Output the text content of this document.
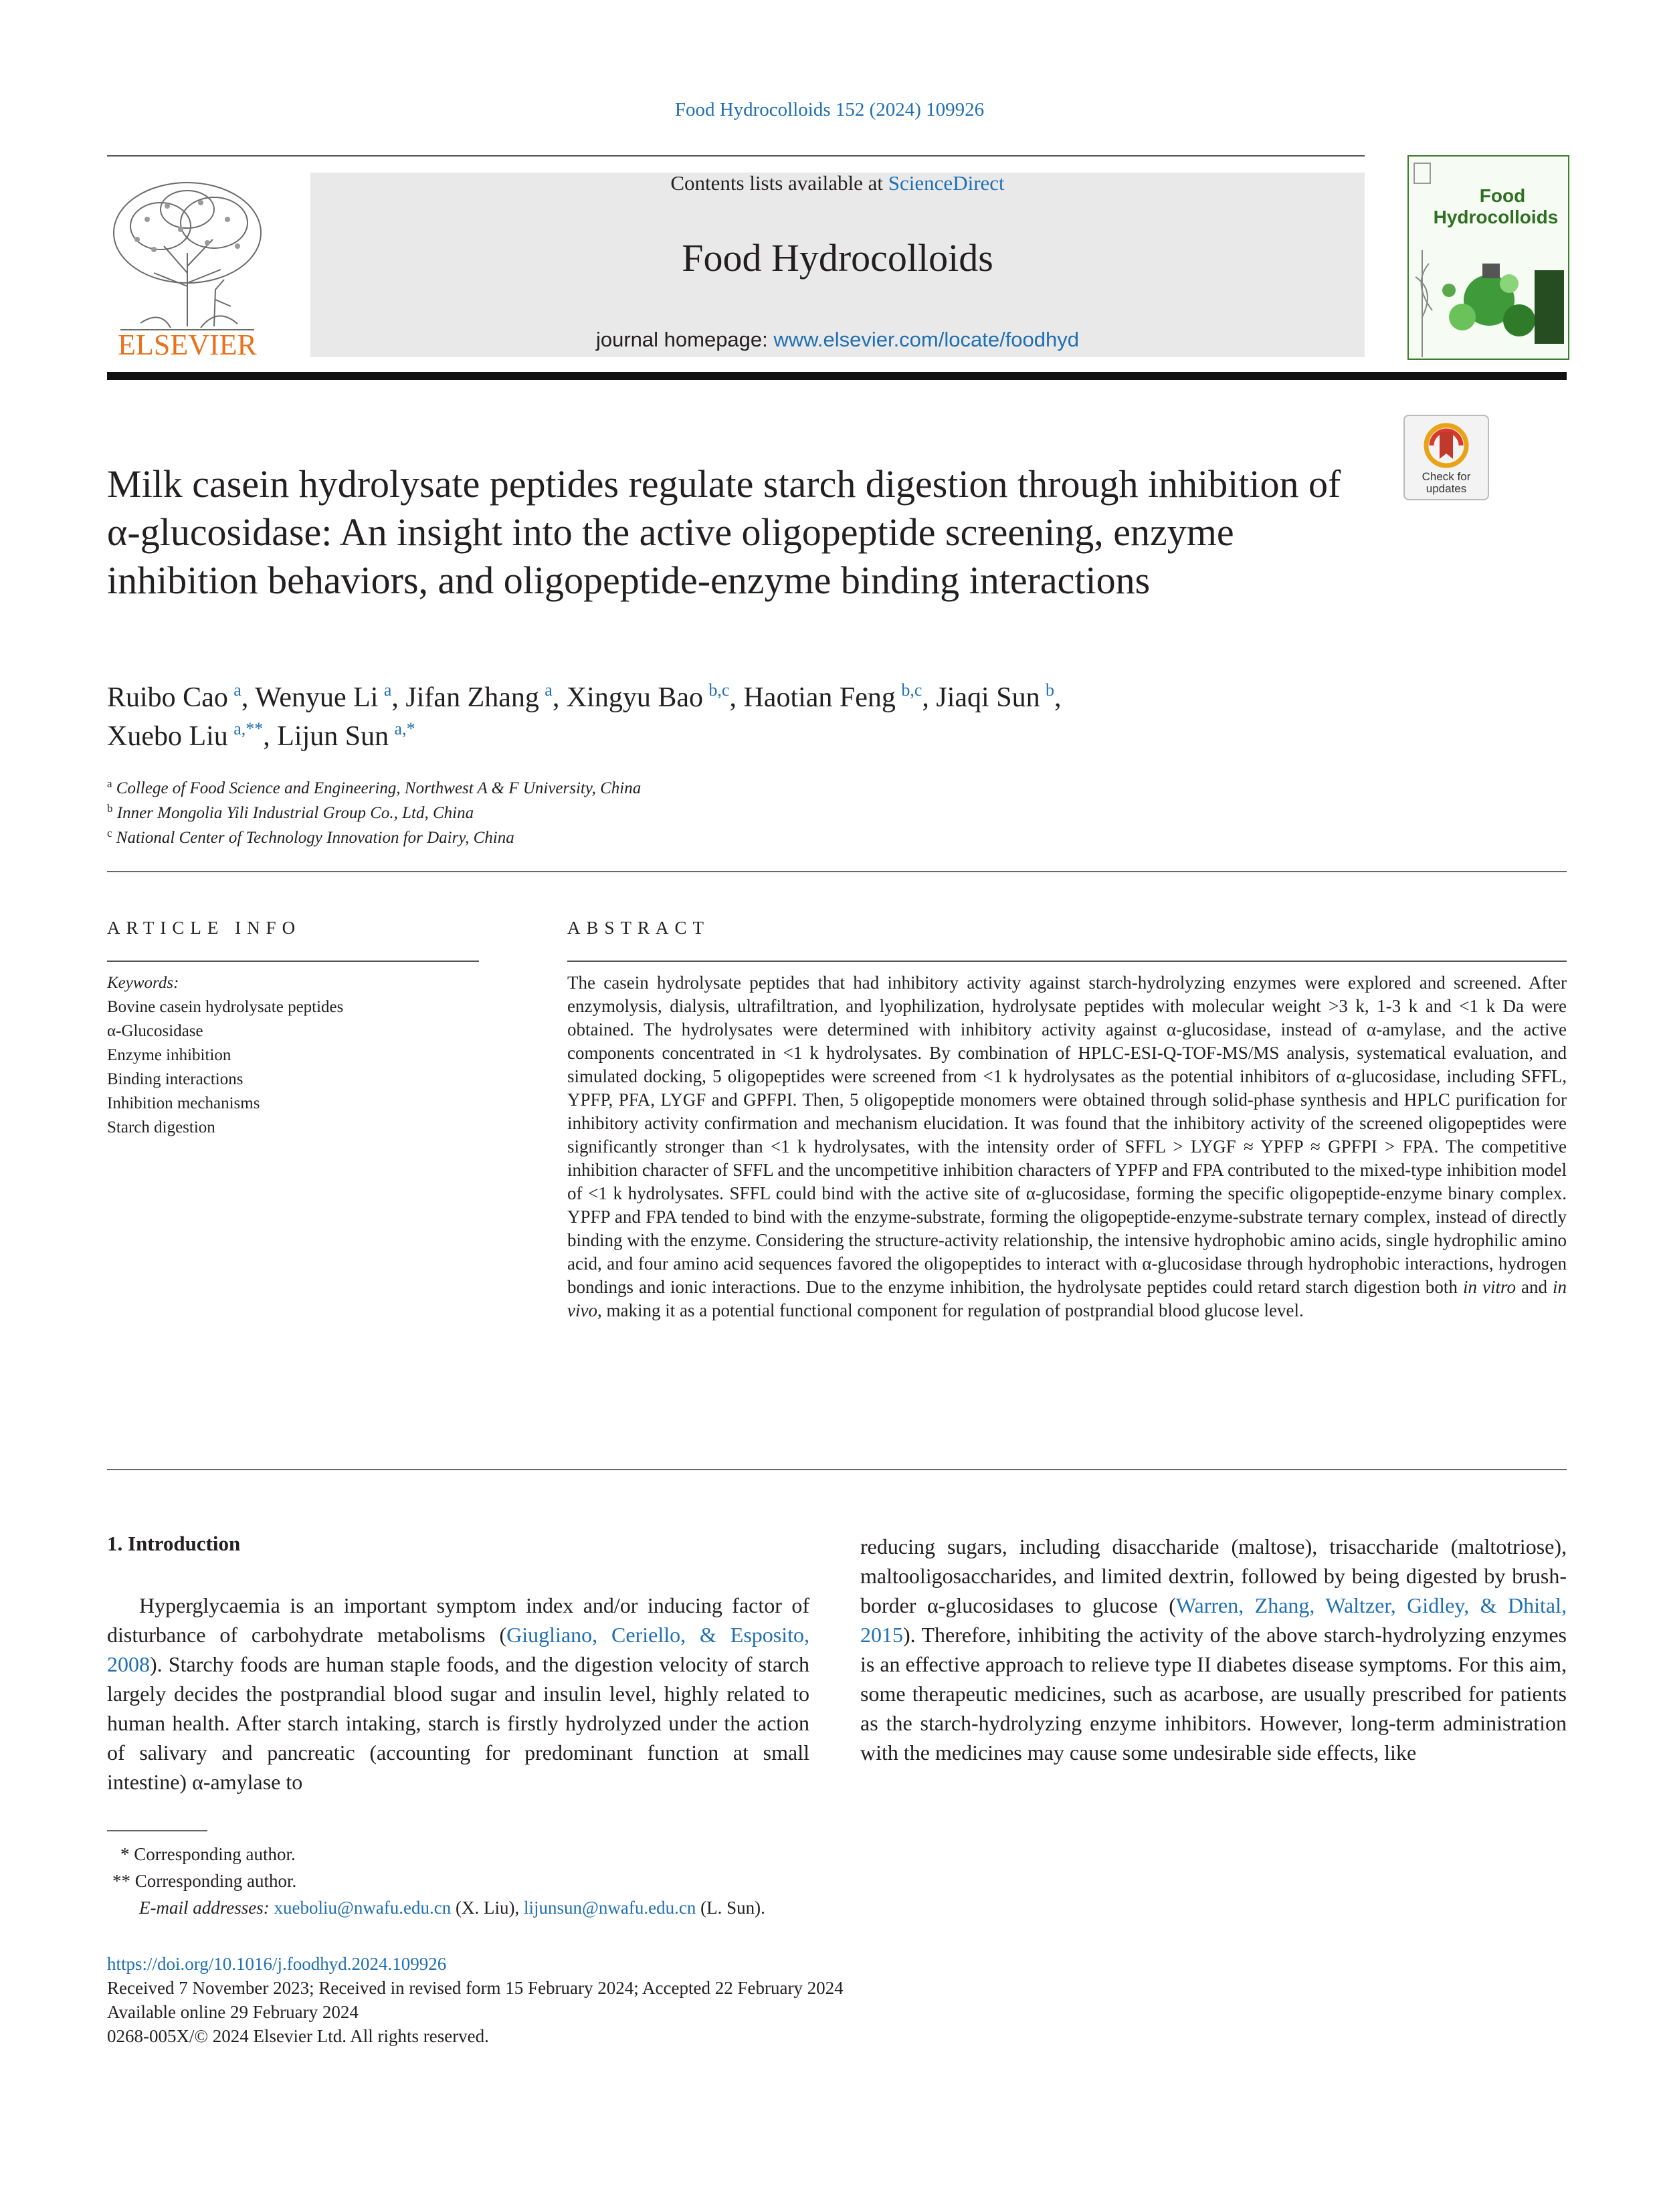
Food Hydrocolloids 152 (2024) 109926
ELSEVIER
Contents lists available at ScienceDirect
Food Hydrocolloids
journal homepage: www.elsevier.com/locate/foodhyd
Food
Hydrocolloids
Check for
updates
Milk casein hydrolysate peptides regulate starch digestion through inhibition of α-glucosidase: An insight into the active oligopeptide screening, enzyme inhibition behaviors, and oligopeptide-enzyme binding interactions
Ruibo Cao  $^a$, Wenyue Li  $^a$, Jifan Zhang  $^a$, Xingyu Bao  $^{b,c}$, Haotian Feng  $^{b,c}$, Jiaqi Sun  $^b$,
Xuebo Liu  $^{a,**}$, Lijun Sun  $^{a,*}$
$^a$ College of Food Science and Engineering, Northwest A & F University, China
$^b$ Inner Mongolia Yili Industrial Group Co., Ltd, China
$^c$ National Center of Technology Innovation for Dairy, China
ARTICLE INFO
Keywords:
Bovine casein hydrolysate peptides
α-Glucosidase
Enzyme inhibition
Binding interactions
Inhibition mechanisms
Starch digestion
ABSTRACT
The casein hydrolysate peptides that had inhibitory activity against starch-hydrolyzing enzymes were explored and screened. After enzymolysis, dialysis, ultrafiltration, and lyophilization, hydrolysate peptides with molecular weight >3 k, 1-3 k and <1 k Da were obtained. The hydrolysates were determined with inhibitory activity against α-glucosidase, instead of α-amylase, and the active components concentrated in <1 k hydrolysates. By combination of HPLC-ESI-Q-TOF-MS/MS analysis, systematical evaluation, and simulated docking, 5 oligopeptides were screened from <1 k hydrolysates as the potential inhibitors of α-glucosidase, including SFFL, YPFP, PFA, LYGF and GPFPI. Then, 5 oligopeptide monomers were obtained through solid-phase synthesis and HPLC purification for inhibitory activity confirmation and mechanism elucidation. It was found that the inhibitory activity of the screened oligopeptides were significantly stronger than <1 k hydrolysates, with the intensity order of SFFL > LYGF ≈ YPFP ≈ GPFPI > FPA. The competitive inhibition character of SFFL and the uncompetitive inhibition characters of YPFP and FPA contributed to the mixed-type inhibition model of <1 k hydrolysates. SFFL could bind with the active site of α-glucosidase, forming the specific oligopeptide-enzyme binary complex. YPFP and FPA tended to bind with the enzyme-substrate, forming the oligopeptide-enzyme-substrate ternary complex, instead of directly binding with the enzyme. Considering the structure-activity relationship, the intensive hydrophobic amino acids, single hydrophilic amino acid, and four amino acid sequences favored the oligopeptides to interact with α-glucosidase through hydrophobic interactions, hydrogen bondings and ionic interactions. Due to the enzyme inhibition, the hydrolysate peptides could retard starch digestion both in vitro and in vivo, making it as a potential functional component for regulation of postprandial blood glucose level.
1. Introduction
Hyperglycaemia is an important symptom index and/or inducing factor of disturbance of carbohydrate metabolisms (Giugliano, Ceriello, & Esposito, 2008). Starchy foods are human staple foods, and the digestion velocity of starch largely decides the postprandial blood sugar and insulin level, highly related to human health. After starch intaking, starch is firstly hydrolyzed under the action of salivary and pancreatic (accounting for predominant function at small intestine) α-amylase to
reducing sugars, including disaccharide (maltose), trisaccharide (maltotriose), maltooligosaccharides, and limited dextrin, followed by being digested by brush-border α-glucosidases to glucose (Warren, Zhang, Waltzer, Gidley, & Dhital, 2015). Therefore, inhibiting the activity of the above starch-hydrolyzing enzymes is an effective approach to relieve type II diabetes disease symptoms. For this aim, some therapeutic medicines, such as acarbose, are usually prescribed for patients as the starch-hydrolyzing enzyme inhibitors. However, long-term administration with the medicines may cause some undesirable side effects, like
* Corresponding author.
** Corresponding author.
E-mail addresses: xueboliu@nwafu.edu.cn (X. Liu), lijunsun@nwafu.edu.cn (L. Sun).
https://doi.org/10.1016/j.foodhyd.2024.109926
Received 7 November 2023; Received in revised form 15 February 2024; Accepted 22 February 2024
Available online 29 February 2024
0268-005X/© 2024 Elsevier Ltd. All rights reserved.
